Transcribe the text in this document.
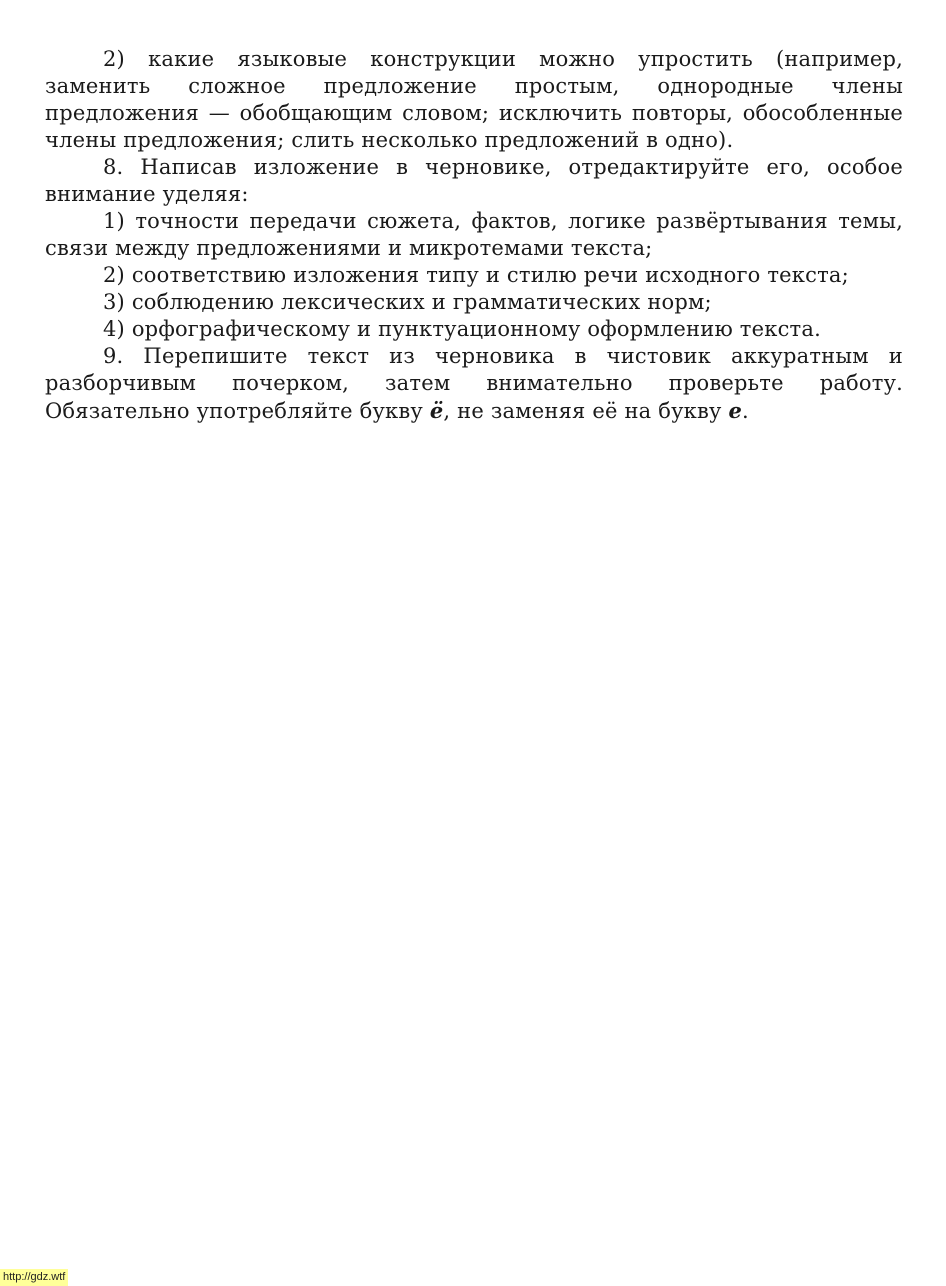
2) какие языковые конструкции можно упростить (например, заменить сложное предложение простым, однородные члены предложения — обобщающим словом; исключить повторы, обособленные члены предложения; слить несколько предложений в одно).

8. Написав изложение в черновике, отредактируйте его, особое внимание уделяя:

1) точности передачи сюжета, фактов, логике развёртывания темы, связи между предложениями и микротемами текста;

2) соответствию изложения типу и стилю речи исходного текста;

3) соблюдению лексических и грамматических норм;

4) орфографическому и пунктуационному оформлению текста.

9. Перепишите текст из черновика в чистовик аккуратным и разборчивым почерком, затем внимательно проверьте работу. Обязательно употребляйте букву ё, не заменяя её на букву е.

http://gdz.wtf
